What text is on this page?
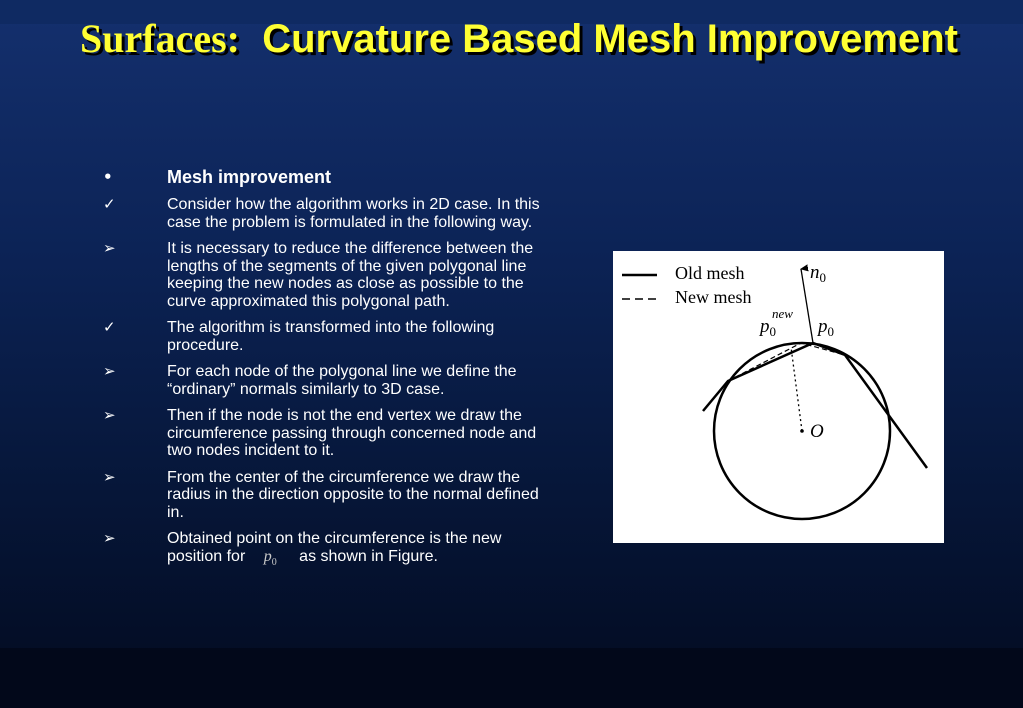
Surfaces: Curvature Based Mesh Improvement
•	Mesh improvement
✓	Consider how the algorithm works in 2D case. In this case the problem is formulated in the following way.
➢	It is necessary to reduce the difference between the lengths of the segments of the given polygonal line keeping the new nodes as close as possible to the curve approximated this polygonal path.
✓	The algorithm is transformed into the following procedure.
➢	For each node of the polygonal line we define the “ordinary” normals similarly to 3D case.
➢	Then if the node is not the end vertex we draw the circumference passing through concerned node and two nodes incident to it.
➢	From the center of the circumference we draw the radius in the direction opposite to the normal defined in.
➢	Obtained point on the circumference is the new position for $p_0$ as shown in Figure.
Old mesh
New mesh
$n_0$
$p_0$
new
$p_0$
O
